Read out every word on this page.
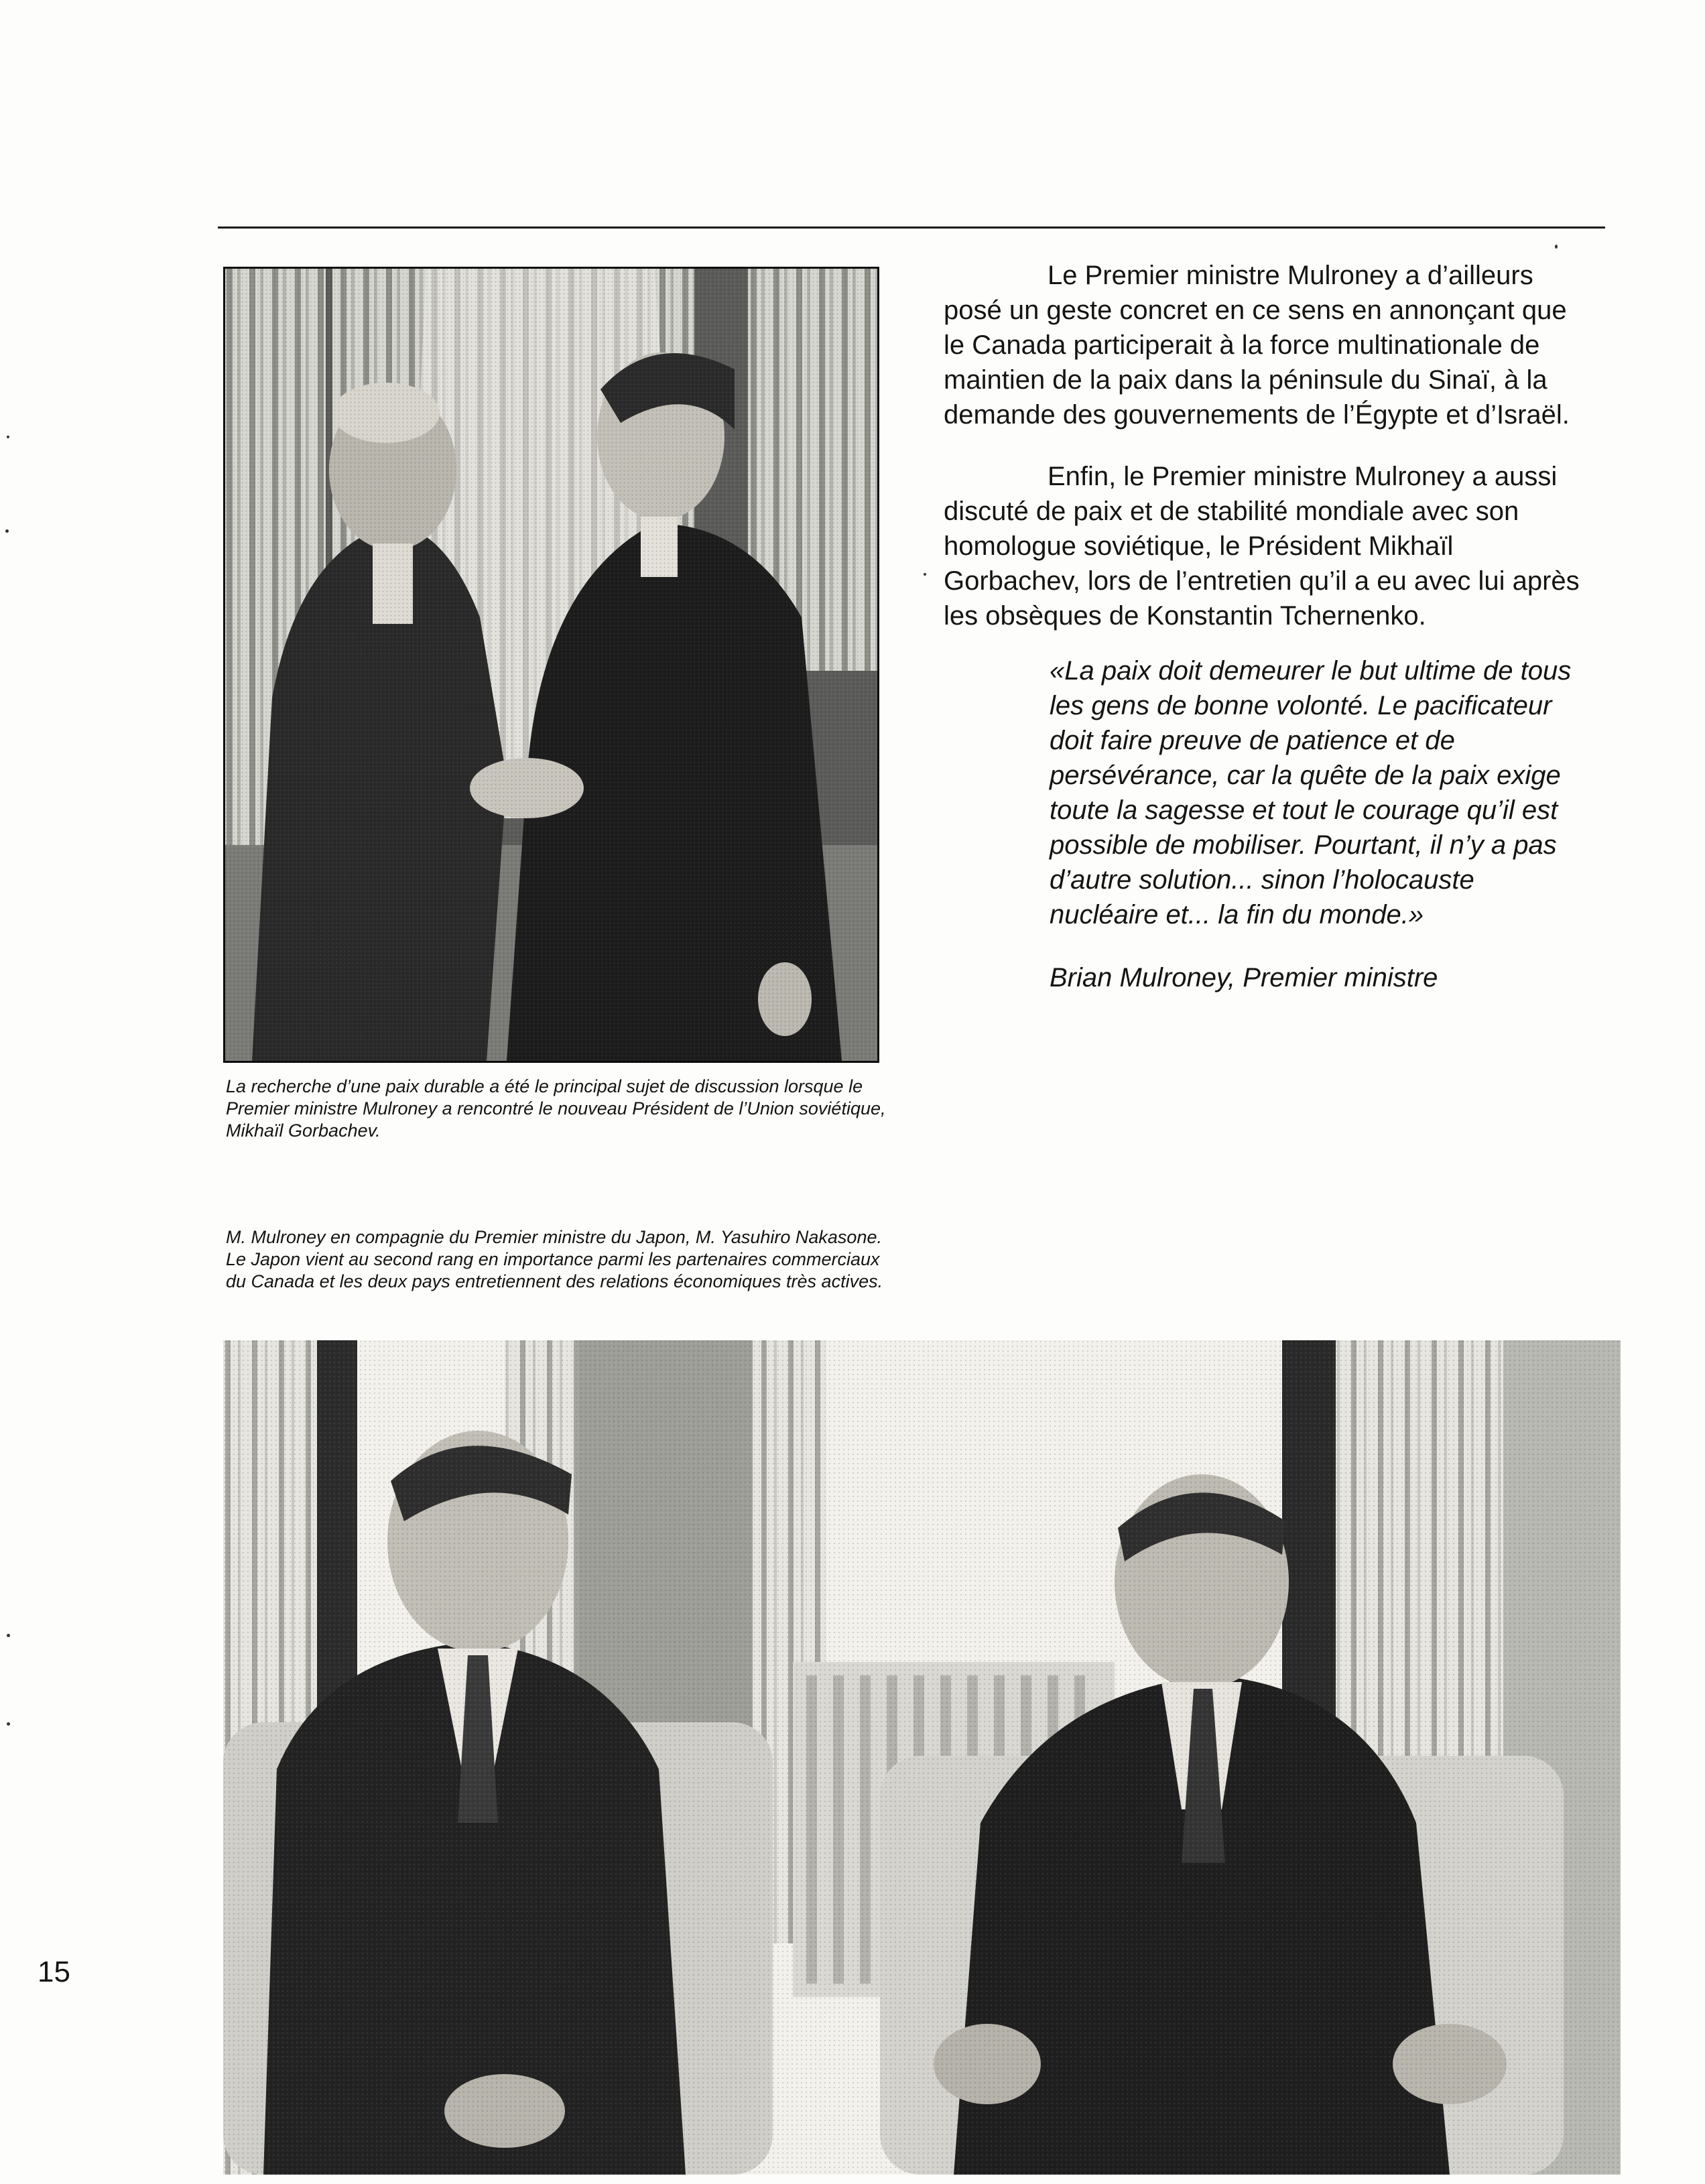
La recherche d’une paix durable a été le principal sujet de discussion lorsque le Premier ministre Mulroney a rencontré le nouveau Président de l’Union soviétique, Mikhaïl Gorbachev.

Le Premier ministre Mulroney a d’ailleurs posé un geste concret en ce sens en annonçant que le Canada participerait à la force multinationale de maintien de la paix dans la péninsule du Sinaï, à la demande des gouvernements de l’Égypte et d’Israël.

Enfin, le Premier ministre Mulroney a aussi discuté de paix et de stabilité mondiale avec son homologue soviétique, le Président Mikhaïl Gorbachev, lors de l’entretien qu’il a eu avec lui après les obsèques de Konstantin Tchernenko.

«La paix doit demeurer le but ultime de tous les gens de bonne volonté. Le pacificateur doit faire preuve de patience et de persévérance, car la quête de la paix exige toute la sagesse et tout le courage qu’il est possible de mobiliser. Pourtant, il n’y a pas d’autre solution... sinon l’holocauste nucléaire et... la fin du monde.»
Brian Mulroney, Premier ministre
M. Mulroney en compagnie du Premier ministre du Japon, M. Yasuhiro Nakasone. Le Japon vient au second rang en importance parmi les partenaires commerciaux du Canada et les deux pays entretiennent des relations économiques très actives.
15
